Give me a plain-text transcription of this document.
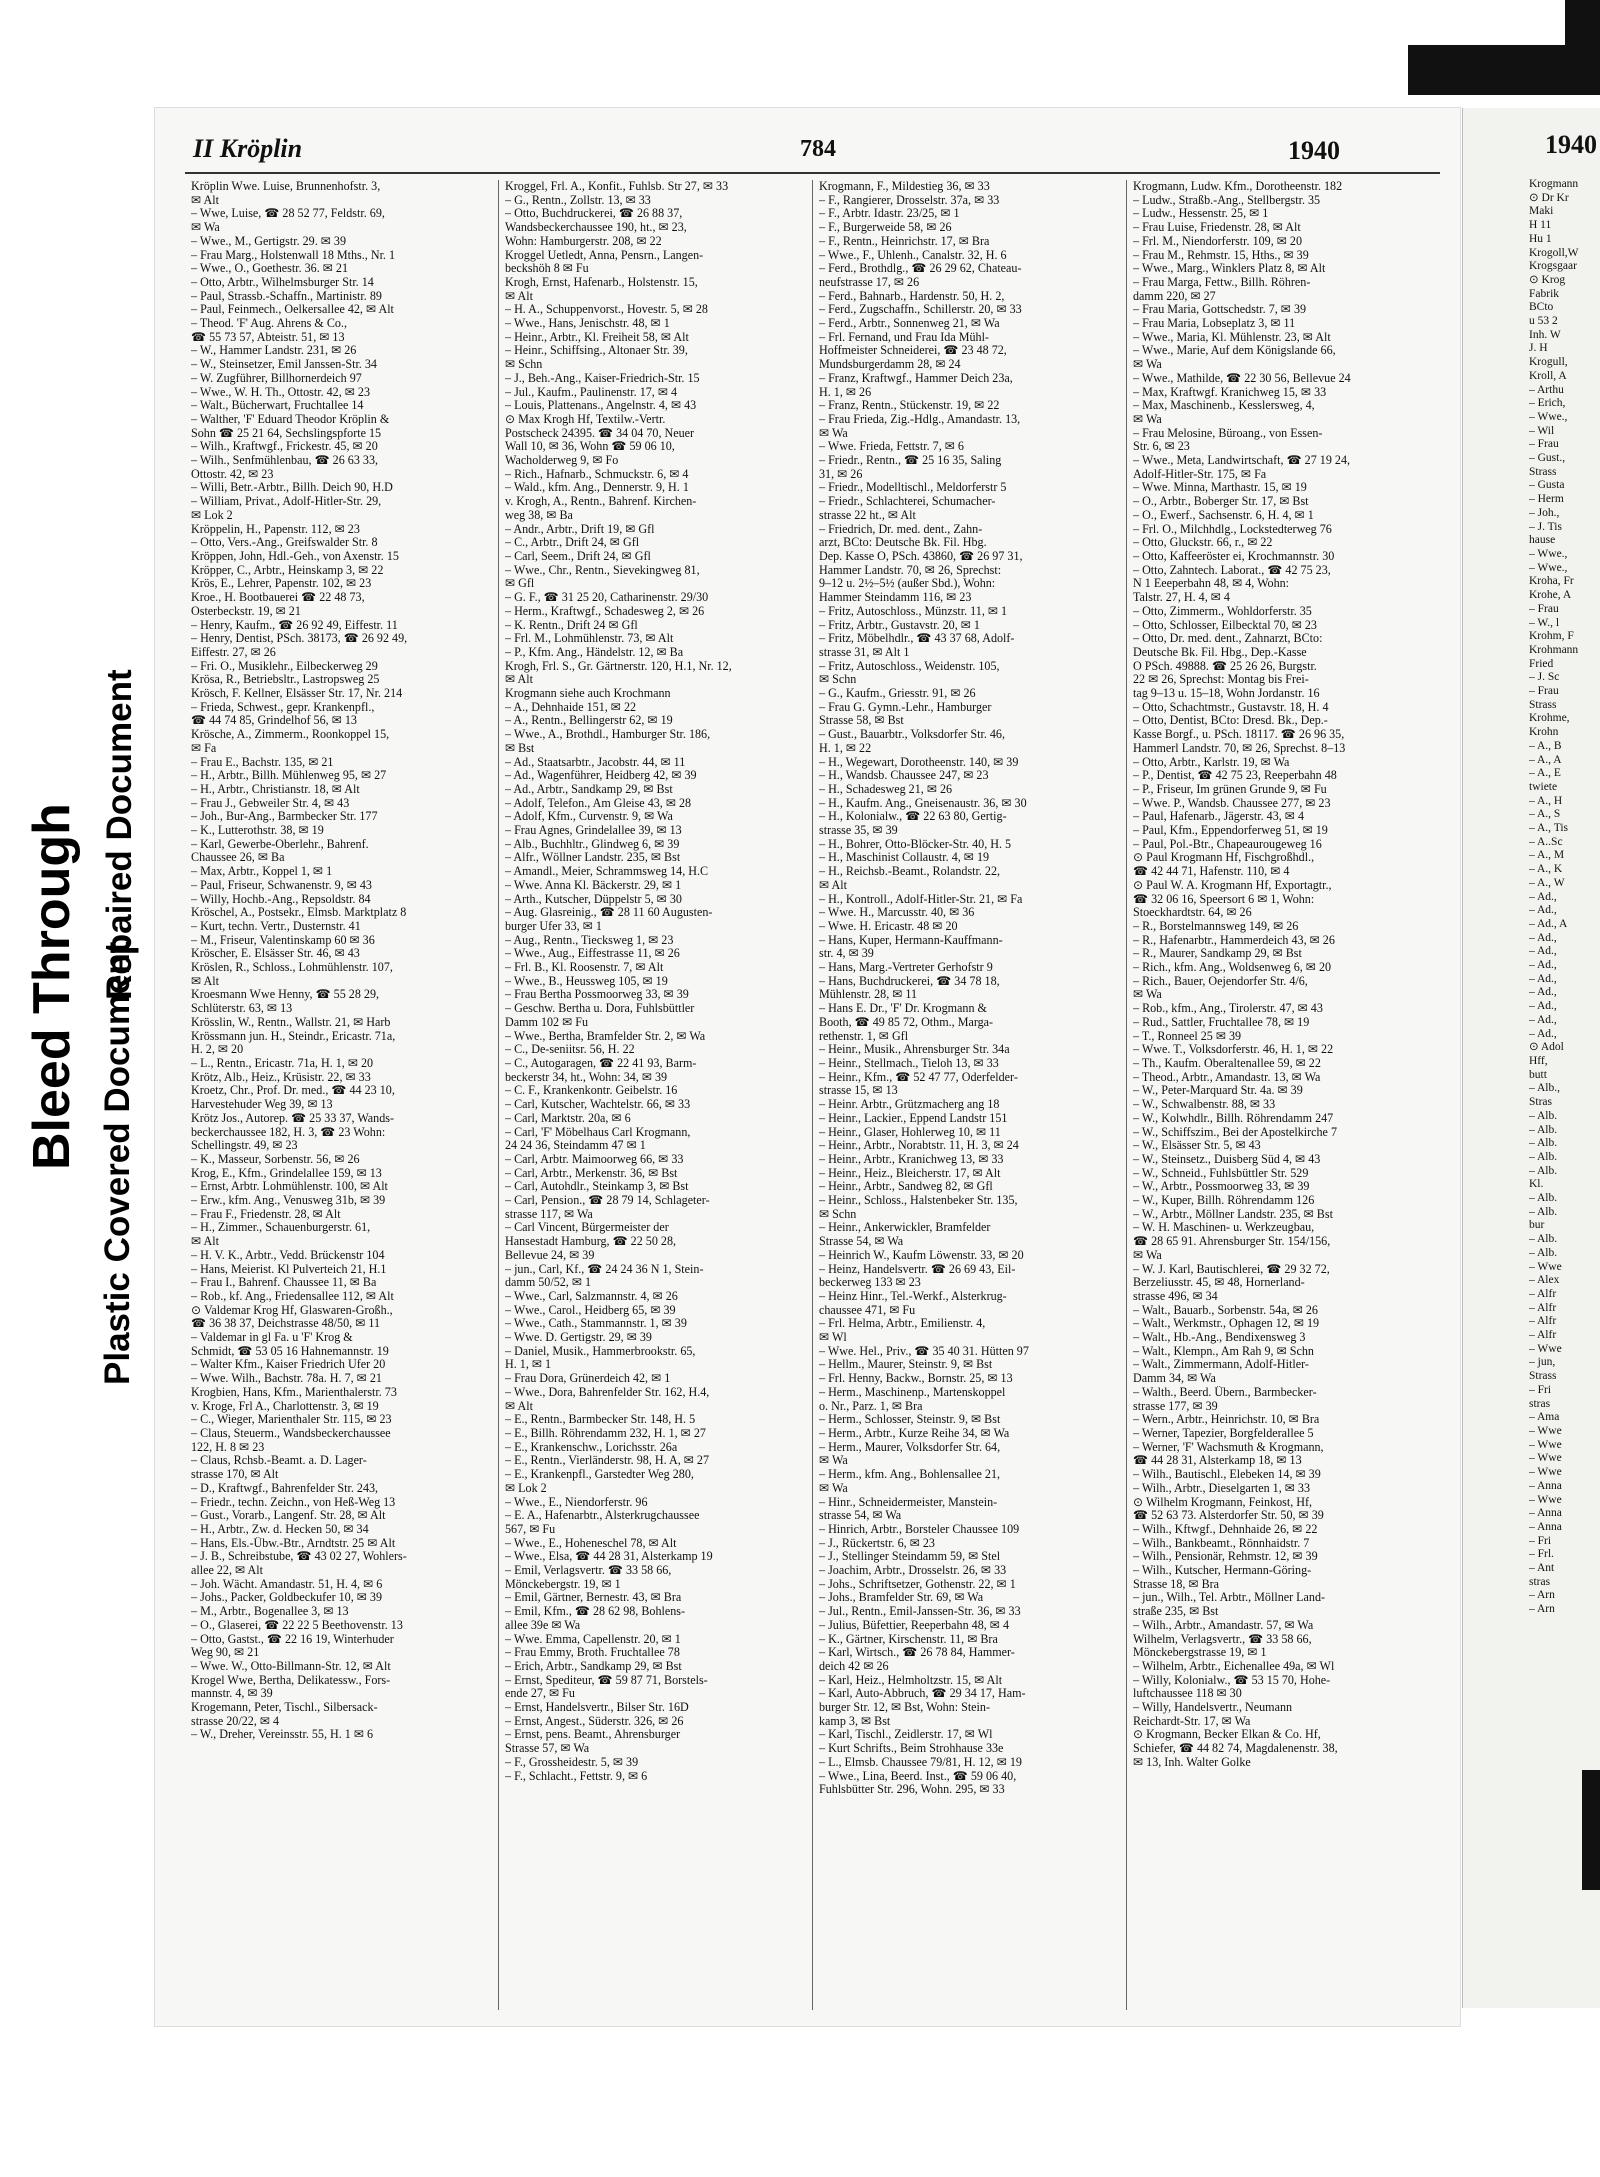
Bleed Through Repaired Document
Plastic Covered Document
II Kröplin	784	1940

Kröplin Wwe. Luise, Brunnenhofstr. 3,

✉ Alt

– Wwe, Luise, ☎ 28 52 77, Feldstr. 69,

✉ Wa

– Wwe., M., Gertigstr. 29. ✉ 39

– Frau Marg., Holstenwall 18 Mths., Nr. 1

– Wwe., O., Goethestr. 36. ✉ 21

– Otto, Arbtr., Wilhelmsburger Str. 14

– Paul, Strassb.-Schaffn., Martinistr. 89

– Paul, Feinmech., Oelkersallee 42, ✉ Alt

– Theod. 'F' Aug. Ahrens & Co.,

☎ 55 73 57, Abteistr. 51, ✉ 13

– W., Hammer Landstr. 231, ✉ 26

– W., Steinsetzer, Emil Janssen-Str. 34

– W. Zugführer, Billhornerdeich 97

– Wwe., W. H. Th., Ottostr. 42, ✉ 23

– Walt., Bücherwart, Fruchtallee 14

– Walther, 'F' Eduard Theodor Kröplin &

Sohn ☎ 25 21 64, Sechslingspforte 15

– Wilh., Kraftwgf., Frickestr. 45, ✉ 20

– Wilh., Senfmühlenbau, ☎ 26 63 33,

Ottostr. 42, ✉ 23

– Willi, Betr.-Arbtr., Billh. Deich 90, H.D

– William, Privat., Adolf-Hitler-Str. 29,

✉ Lok 2

Kröppelin, H., Papenstr. 112, ✉ 23

– Otto, Vers.-Ang., Greifswalder Str. 8

Kröppen, John, Hdl.-Geh., von Axenstr. 15

Kröpper, C., Arbtr., Heinskamp 3, ✉ 22

Krös, E., Lehrer, Papenstr. 102, ✉ 23

Kroe., H. Bootbauerei ☎ 22 48 73,

Osterbeckstr. 19, ✉ 21

– Henry, Kaufm., ☎ 26 92 49, Eiffestr. 11

– Henry, Dentist, PSch. 38173, ☎ 26 92 49,

Eiffestr. 27, ✉ 26

– Fri. O., Musiklehr., Eilbeckerweg 29

Krösa, R., Betriebsltr., Lastropsweg 25

Krösch, F. Kellner, Elsässer Str. 17, Nr. 214

– Frieda, Schwest., gepr. Krankenpfl.,

☎ 44 74 85, Grindelhof 56, ✉ 13

Krösche, A., Zimmerm., Roonkoppel 15,

✉ Fa

– Frau E., Bachstr. 135, ✉ 21

– H., Arbtr., Billh. Mühlenweg 95, ✉ 27

– H., Arbtr., Christianstr. 18, ✉ Alt

– Frau J., Gebweiler Str. 4, ✉ 43

– Joh., Bur-Ang., Barmbecker Str. 177

– K., Lutterothstr. 38, ✉ 19

– Karl, Gewerbe-Oberlehr., Bahrenf.

Chaussee 26, ✉ Ba

– Max, Arbtr., Koppel 1, ✉ 1

– Paul, Friseur, Schwanenstr. 9, ✉ 43

– Willy, Hochb.-Ang., Repsoldstr. 84

Kröschel, A., Postsekr., Elmsb. Marktplatz 8

– Kurt, techn. Vertr., Dusternstr. 41

– M., Friseur, Valentinskamp 60 ✉ 36

Kröscher, E. Elsässer Str. 46, ✉ 43

Kröslen, R., Schloss., Lohmühlenstr. 107,

✉ Alt

Kroesmann Wwe Henny, ☎ 55 28 29,

Schlüterstr. 63, ✉ 13

Krösslin, W., Rentn., Wallstr. 21, ✉ Harb

Krössmann jun. H., Steindr., Ericastr. 71a,

H. 2, ✉ 20

– L., Rentn., Ericastr. 71a, H. 1, ✉ 20

Krötz, Alb., Heiz., Krüsistr. 22, ✉ 33

Kroetz, Chr., Prof. Dr. med., ☎ 44 23 10,

Harvestehuder Weg 39, ✉ 13

Krötz Jos., Autorep. ☎ 25 33 37, Wands-

beckerchaussee 182, H. 3, ☎ 23 Wohn:

Schellingstr. 49, ✉ 23

– K., Masseur, Sorbenstr. 56, ✉ 26

Krog, E., Kfm., Grindelallee 159, ✉ 13

– Ernst, Arbtr. Lohmühlenstr. 100, ✉ Alt

– Erw., kfm. Ang., Venusweg 31b, ✉ 39

– Frau F., Friedenstr. 28, ✉ Alt

– H., Zimmer., Schauenburgerstr. 61,

✉ Alt

– H. V. K., Arbtr., Vedd. Brückenstr 104

– Hans, Meierist. Kl Pulverteich 21, H.1

– Frau I., Bahrenf. Chaussee 11, ✉ Ba

– Rob., kf. Ang., Friedensallee 112, ✉ Alt

⊙ Valdemar Krog Hf, Glaswaren-Großh.,

☎ 36 38 37, Deichstrasse 48/50, ✉ 11

– Valdemar in gl Fa. u 'F' Krog &

Schmidt, ☎ 53 05 16 Hahnemannstr. 19

– Walter Kfm., Kaiser Friedrich Ufer 20

– Wwe. Wilh., Bachstr. 78a. H. 7, ✉ 21

Krogbien, Hans, Kfm., Marienthalerstr. 73

v. Kroge, Frl A., Charlottenstr. 3, ✉ 19

– C., Wieger, Marienthaler Str. 115, ✉ 23

– Claus, Steuerm., Wandsbeckerchaussee

122, H. 8 ✉ 23

– Claus, Rchsb.-Beamt. a. D. Lager-

strasse 170, ✉ Alt

– D., Kraftwgf., Bahrenfelder Str. 243,

– Friedr., techn. Zeichn., von Heß-Weg 13

– Gust., Vorarb., Langenf. Str. 28, ✉ Alt

– H., Arbtr., Zw. d. Hecken 50, ✉ 34

– Hans, Els.-Übw.-Btr., Arndtstr. 25 ✉ Alt

– J. B., Schreibstube, ☎ 43 02 27, Wohlers-

allee 22, ✉ Alt

– Joh. Wächt. Amandastr. 51, H. 4, ✉ 6

– Johs., Packer, Goldbeckufer 10, ✉ 39

– M., Arbtr., Bogenallee 3, ✉ 13

– O., Glaserei, ☎ 22 22 5 Beethovenstr. 13

– Otto, Gastst., ☎ 22 16 19, Winterhuder

Weg 90, ✉ 21

– Wwe. W., Otto-Billmann-Str. 12, ✉ Alt

Krogel Wwe, Bertha, Delikatessw., Fors-

mannstr. 4, ✉ 39

Krogemann, Peter, Tischl., Silbersack-

strasse 20/22, ✉ 4

– W., Dreher, Vereinsstr. 55, H. 1 ✉ 6

Kroggel, Frl. A., Konfit., Fuhlsb. Str 27, ✉ 33

– G., Rentn., Zollstr. 13, ✉ 33

– Otto, Buchdruckerei, ☎ 26 88 37,

Wandsbeckerchaussee 190, ht., ✉ 23,

Wohn: Hamburgerstr. 208, ✉ 22

Kroggel Uetledt, Anna, Pensrn., Langen-

beckshöh 8 ✉ Fu

Krogh, Ernst, Hafenarb., Holstenstr. 15,

✉ Alt

– H. A., Schuppenvorst., Hovestr. 5, ✉ 28

– Wwe., Hans, Jenischstr. 48, ✉ 1

– Heinr., Arbtr., Kl. Freiheit 58, ✉ Alt

– Heinr., Schiffsing., Altonaer Str. 39,

✉ Schn

– J., Beh.-Ang., Kaiser-Friedrich-Str. 15

– Jul., Kaufm., Paulinenstr. 17, ✉ 4

– Louis, Plattenans., Angelnstr. 4, ✉ 43

⊙ Max Krogh Hf, Textilw.-Vertr.

Postscheck 24395. ☎ 34 04 70, Neuer

Wall 10, ✉ 36, Wohn ☎ 59 06 10,

Wacholderweg 9, ✉ Fo

– Rich., Hafnarb., Schmuckstr. 6, ✉ 4

– Wald., kfm. Ang., Dennerstr. 9, H. 1

v. Krogh, A., Rentn., Bahrenf. Kirchen-

weg 38, ✉ Ba

– Andr., Arbtr., Drift 19, ✉ Gfl

– C., Arbtr., Drift 24, ✉ Gfl

– Carl, Seem., Drift 24, ✉ Gfl

– Wwe., Chr., Rentn., Sievekingweg 81,

✉ Gfl

– G. F., ☎ 31 25 20, Catharinenstr. 29/30

– Herm., Kraftwgf., Schadesweg 2, ✉ 26

– K. Rentn., Drift 24 ✉ Gfl

– Frl. M., Lohmühlenstr. 73, ✉ Alt

– P., Kfm. Ang., Händelstr. 12, ✉ Ba

Krogh, Frl. S., Gr. Gärtnerstr. 120, H.1, Nr. 12,

✉ Alt

Krogmann siehe auch Krochmann

– A., Dehnhaide 151, ✉ 22

– A., Rentn., Bellingerstr 62, ✉ 19

– Wwe., A., Brothdl., Hamburger Str. 186,

✉ Bst

– Ad., Staatsarbtr., Jacobstr. 44, ✉ 11

– Ad., Wagenführer, Heidberg 42, ✉ 39

– Ad., Arbtr., Sandkamp 29, ✉ Bst

– Adolf, Telefon., Am Gleise 43, ✉ 28

– Adolf, Kfm., Curvenstr. 9, ✉ Wa

– Frau Agnes, Grindelallee 39, ✉ 13

– Alb., Buchhltr., Glindweg 6, ✉ 39

– Alfr., Wöllner Landstr. 235, ✉ Bst

– Amandl., Meier, Schrammsweg 14, H.C

– Wwe. Anna Kl. Bäckerstr. 29, ✉ 1

– Arth., Kutscher, Düppelstr 5, ✉ 30

– Aug. Glasreinig., ☎ 28 11 60 Augusten-

burger Ufer 33, ✉ 1

– Aug., Rentn., Tiecksweg 1, ✉ 23

– Wwe., Aug., Eiffestrasse 11, ✉ 26

– Frl. B., Kl. Roosenstr. 7, ✉ Alt

– Wwe., B., Heussweg 105, ✉ 19

– Frau Bertha Possmoorweg 33, ✉ 39

– Geschw. Bertha u. Dora, Fuhlsbüttler

Damm 102 ✉ Fu

– Wwe., Bertha, Bramfelder Str. 2, ✉ Wa

– C., De-seniitsr. 56, H. 22

– C., Autogaragen, ☎ 22 41 93, Barm-

beckerstr 34, ht., Wohn: 34, ✉ 39

– C. F., Krankenkontr. Geibelstr. 16

– Carl, Kutscher, Wachtelstr. 66, ✉ 33

– Carl, Marktstr. 20a, ✉ 6

– Carl, 'F' Möbelhaus Carl Krogmann,

24 24 36, Steindamm 47 ✉ 1

– Carl, Arbtr. Maimoorweg 66, ✉ 33

– Carl, Arbtr., Merkenstr. 36, ✉ Bst

– Carl, Autohdlr., Steinkamp 3, ✉ Bst

– Carl, Pension., ☎ 28 79 14, Schlageter-

strasse 117, ✉ Wa

– Carl Vincent, Bürgermeister der

Hansestadt Hamburg, ☎ 22 50 28,

Bellevue 24, ✉ 39

– jun., Carl, Kf., ☎ 24 24 36 N 1, Stein-

damm 50/52, ✉ 1

– Wwe., Carl, Salzmannstr. 4, ✉ 26

– Wwe., Carol., Heidberg 65, ✉ 39

– Wwe., Cath., Stammannstr. 1, ✉ 39

– Wwe. D. Gertigstr. 29, ✉ 39

– Daniel, Musik., Hammerbrookstr. 65,

H. 1, ✉ 1

– Frau Dora, Grünerdeich 42, ✉ 1

– Wwe., Dora, Bahrenfelder Str. 162, H.4,

✉ Alt

– E., Rentn., Barmbecker Str. 148, H. 5

– E., Billh. Röhrendamm 232, H. 1, ✉ 27

– E., Krankenschw., Lorichsstr. 26a

– E., Rentn., Vierländerstr. 98, H. A, ✉ 27

– E., Krankenpfl., Garstedter Weg 280,

✉ Lok 2

– Wwe., E., Niendorferstr. 96

– E. A., Hafenarbtr., Alsterkrugchaussee

567, ✉ Fu

– Wwe., E., Hoheneschel 78, ✉ Alt

– Wwe., Elsa, ☎ 44 28 31, Alsterkamp 19

– Emil, Verlagsvertr. ☎ 33 58 66,

Mönckebergstr. 19, ✉ 1

– Emil, Gärtner, Bernestr. 43, ✉ Bra

– Emil, Kfm., ☎ 28 62 98, Bohlens-

allee 39e ✉ Wa

– Wwe. Emma, Capellenstr. 20, ✉ 1

– Frau Emmy, Broth. Fruchtallee 78

– Erich, Arbtr., Sandkamp 29, ✉ Bst

– Ernst, Spediteur, ☎ 59 87 71, Borstels-

ende 27, ✉ Fu

– Ernst, Handelsvertr., Bilser Str. 16D

– Ernst, Angest., Süderstr. 326, ✉ 26

– Ernst, pens. Beamt., Ahrensburger

Strasse 57, ✉ Wa

– F., Grossheidestr. 5, ✉ 39

– F., Schlacht., Fettstr. 9, ✉ 6

Krogmann, F., Mildestieg 36, ✉ 33

– F., Rangierer, Drosselstr. 37a, ✉ 33

– F., Arbtr. Idastr. 23/25, ✉ 1

– F., Burgerweide 58, ✉ 26

– F., Rentn., Heinrichstr. 17, ✉ Bra

– Wwe., F., Uhlenh., Canalstr. 32, H. 6

– Ferd., Brothdlg., ☎ 26 29 62, Chateau-

neufstrasse 17, ✉ 26

– Ferd., Bahnarb., Hardenstr. 50, H. 2,

– Ferd., Zugschaffn., Schillerstr. 20, ✉ 33

– Ferd., Arbtr., Sonnenweg 21, ✉ Wa

– Frl. Fernand, und Frau Ida Mühl-

Hoffmeister Schneiderei, ☎ 23 48 72,

Mundsburgerdamm 28, ✉ 24

– Franz, Kraftwgf., Hammer Deich 23a,

H. 1, ✉ 26

– Franz, Rentn., Stückenstr. 19, ✉ 22

– Frau Frieda, Zig.-Hdlg., Amandastr. 13,

✉ Wa

– Wwe. Frieda, Fettstr. 7, ✉ 6

– Friedr., Rentn., ☎ 25 16 35, Saling

31, ✉ 26

– Friedr., Modelltischl., Meldorferstr 5

– Friedr., Schlachterei, Schumacher-

strasse 22 ht., ✉ Alt

– Friedrich, Dr. med. dent., Zahn-

arzt, BCto: Deutsche Bk. Fil. Hbg.

Dep. Kasse O, PSch. 43860, ☎ 26 97 31,

Hammer Landstr. 70, ✉ 26, Sprechst:

9–12 u. 2½–5½ (außer Sbd.), Wohn:

Hammer Steindamm 116, ✉ 23

– Fritz, Autoschloss., Münzstr. 11, ✉ 1

– Fritz, Arbtr., Gustavstr. 20, ✉ 1

– Fritz, Möbelhdlr., ☎ 43 37 68, Adolf-

strasse 31, ✉ Alt 1

– Fritz, Autoschloss., Weidenstr. 105,

✉ Schn

– G., Kaufm., Griesstr. 91, ✉ 26

– Frau G. Gymn.-Lehr., Hamburger

Strasse 58, ✉ Bst

– Gust., Bauarbtr., Volksdorfer Str. 46,

H. 1, ✉ 22

– H., Wegewart, Dorotheenstr. 140, ✉ 39

– H., Wandsb. Chaussee 247, ✉ 23

– H., Schadesweg 21, ✉ 26

– H., Kaufm. Ang., Gneisenaustr. 36, ✉ 30

– H., Kolonialw., ☎ 22 63 80, Gertig-

strasse 35, ✉ 39

– H., Bohrer, Otto-Blöcker-Str. 40, H. 5

– H., Maschinist Collaustr. 4, ✉ 19

– H., Reichsb.-Beamt., Rolandstr. 22,

✉ Alt

– H., Kontroll., Adolf-Hitler-Str. 21, ✉ Fa

– Wwe. H., Marcusstr. 40, ✉ 36

– Wwe. H. Ericastr. 48 ✉ 20

– Hans, Kuper, Hermann-Kauffmann-

str. 4, ✉ 39

– Hans, Marg.-Vertreter Gerhofstr 9

– Hans, Buchdruckerei, ☎ 34 78 18,

Mühlenstr. 28, ✉ 11

– Hans E. Dr., 'F' Dr. Krogmann &

Booth, ☎ 49 85 72, Othm., Marga-

rethenstr. 1, ✉ Gfl

– Heinr., Musik., Ahrensburger Str. 34a

– Heinr., Stellmach., Tieloh 13, ✉ 33

– Heinr., Kfm., ☎ 52 47 77, Oderfelder-

strasse 15, ✉ 13

– Heinr. Arbtr., Grützmacherg ang 18

– Heinr., Lackier., Eppend Landstr 151

– Heinr., Glaser, Hohlerweg 10, ✉ 11

– Heinr., Arbtr., Norabtstr. 11, H. 3, ✉ 24

– Heinr., Arbtr., Kranichweg 13, ✉ 33

– Heinr., Heiz., Bleicherstr. 17, ✉ Alt

– Heinr., Arbtr., Sandweg 82, ✉ Gfl

– Heinr., Schloss., Halstenbeker Str. 135,

✉ Schn

– Heinr., Ankerwickler, Bramfelder

Strasse 54, ✉ Wa

– Heinrich W., Kaufm Löwenstr. 33, ✉ 20

– Heinz, Handelsvertr. ☎ 26 69 43, Eil-

beckerweg 133 ✉ 23

– Heinz Hinr., Tel.-Werkf., Alsterkrug-

chaussee 471, ✉ Fu

– Frl. Helma, Arbtr., Emilienstr. 4,

✉ Wl

– Wwe. Hel., Priv., ☎ 35 40 31. Hütten 97

– Hellm., Maurer, Steinstr. 9, ✉ Bst

– Frl. Henny, Backw., Bornstr. 25, ✉ 13

– Herm., Maschinenp., Martenskoppel

o. Nr., Parz. 1, ✉ Bra

– Herm., Schlosser, Steinstr. 9, ✉ Bst

– Herm., Arbtr., Kurze Reihe 34, ✉ Wa

– Herm., Maurer, Volksdorfer Str. 64,

✉ Wa

– Herm., kfm. Ang., Bohlensallee 21,

✉ Wa

– Hinr., Schneidermeister, Manstein-

strasse 54, ✉ Wa

– Hinrich, Arbtr., Borsteler Chaussee 109

– J., Rückertstr. 6, ✉ 23

– J., Stellinger Steindamm 59, ✉ Stel

– Joachim, Arbtr., Drosselstr. 26, ✉ 33

– Johs., Schriftsetzer, Gothenstr. 22, ✉ 1

– Johs., Bramfelder Str. 69, ✉ Wa

– Jul., Rentn., Emil-Janssen-Str. 36, ✉ 33

– Julius, Büfettier, Reeperbahn 48, ✉ 4

– K., Gärtner, Kirschenstr. 11, ✉ Bra

– Karl, Wirtsch., ☎ 26 78 84, Hammer-

deich 42 ✉ 26

– Karl, Heiz., Helmholtzstr. 15, ✉ Alt

– Karl, Auto-Abbruch, ☎ 29 34 17, Ham-

burger Str. 12, ✉ Bst, Wohn: Stein-

kamp 3, ✉ Bst

– Karl, Tischl., Zeidlerstr. 17, ✉ Wl

– Kurt Schrifts., Beim Strohhause 33e

– L., Elmsb. Chaussee 79/81, H. 12, ✉ 19

– Wwe., Lina, Beerd. Inst., ☎ 59 06 40,

Fuhlsbütter Str. 296, Wohn. 295, ✉ 33

Krogmann, Ludw. Kfm., Dorotheenstr. 182

– Ludw., Straßb.-Ang., Stellbergstr. 35

– Ludw., Hessenstr. 25, ✉ 1

– Frau Luise, Friedenstr. 28, ✉ Alt

– Frl. M., Niendorferstr. 109, ✉ 20

– Frau M., Rehmstr. 15, Hths., ✉ 39

– Wwe., Marg., Winklers Platz 8, ✉ Alt

– Frau Marga, Fettw., Billh. Röhren-

damm 220, ✉ 27

– Frau Maria, Gottschedstr. 7, ✉ 39

– Frau Maria, Lobseplatz 3, ✉ 11

– Wwe., Maria, Kl. Mühlenstr. 23, ✉ Alt

– Wwe., Marie, Auf dem Königslande 66,

✉ Wa

– Wwe., Mathilde, ☎ 22 30 56, Bellevue 24

– Max, Kraftwgf. Kranichweg 15, ✉ 33

– Max, Maschinenb., Kesslersweg, 4,

✉ Wa

– Frau Melosine, Büroang., von Essen-

Str. 6, ✉ 23

– Wwe., Meta, Landwirtschaft, ☎ 27 19 24,

Adolf-Hitler-Str. 175, ✉ Fa

– Wwe. Minna, Marthastr. 15, ✉ 19

– O., Arbtr., Boberger Str. 17, ✉ Bst

– O., Ewerf., Sachsenstr. 6, H. 4, ✉ 1

– Frl. O., Milchhdlg., Lockstedterweg 76

– Otto, Gluckstr. 66, r., ✉ 22

– Otto, Kaffeeröster ei, Krochmannstr. 30

– Otto, Zahntech. Laborat., ☎ 42 75 23,

N 1 Eeeperbahn 48, ✉ 4, Wohn:

Talstr. 27, H. 4, ✉ 4

– Otto, Zimmerm., Wohldorferstr. 35

– Otto, Schlosser, Eilbecktal 70, ✉ 23

– Otto, Dr. med. dent., Zahnarzt, BCto:

Deutsche Bk. Fil. Hbg., Dep.-Kasse

O PSch. 49888. ☎ 25 26 26, Burgstr.

22 ✉ 26, Sprechst: Montag bis Frei-

tag 9–13 u. 15–18, Wohn Jordanstr. 16

– Otto, Schachtmstr., Gustavstr. 18, H. 4

– Otto, Dentist, BCto: Dresd. Bk., Dep.-

Kasse Borgf., u. PSch. 18117. ☎ 26 96 35,

Hammerl Landstr. 70, ✉ 26, Sprechst. 8–13

– Otto, Arbtr., Karlstr. 19, ✉ Wa

– P., Dentist, ☎ 42 75 23, Reeperbahn 48

– P., Friseur, Im grünen Grunde 9, ✉ Fu

– Wwe. P., Wandsb. Chaussee 277, ✉ 23

– Paul, Hafenarb., Jägerstr. 43, ✉ 4

– Paul, Kfm., Eppendorferweg 51, ✉ 19

– Paul, Pol.-Btr., Chapeaurougeweg 16

⊙ Paul Krogmann Hf, Fischgroßhdl.,

☎ 42 44 71, Hafenstr. 110, ✉ 4

⊙ Paul W. A. Krogmann Hf, Exportagtr.,

☎ 32 06 16, Speersort 6 ✉ 1, Wohn:

Stoeckhardtstr. 64, ✉ 26

– R., Borstelmannsweg 149, ✉ 26

– R., Hafenarbtr., Hammerdeich 43, ✉ 26

– R., Maurer, Sandkamp 29, ✉ Bst

– Rich., kfm. Ang., Woldsenweg 6, ✉ 20

– Rich., Bauer, Oejendorfer Str. 4/6,

✉ Wa

– Rob., kfm., Ang., Tirolerstr. 47, ✉ 43

– Rud., Sattler, Fruchtallee 78, ✉ 19

– T., Ronneel 25 ✉ 39

– Wwe. T., Volksdorferstr. 46, H. 1, ✉ 22

– Th., Kaufm. Oberaltenallee 59, ✉ 22

– Theod., Arbtr., Amandastr. 13, ✉ Wa

– W., Peter-Marquard Str. 4a. ✉ 39

– W., Schwalbenstr. 88, ✉ 33

– W., Kolwhdlr., Billh. Röhrendamm 247

– W., Schiffszim., Bei der Apostelkirche 7

– W., Elsässer Str. 5, ✉ 43

– W., Steinsetz., Duisberg Süd 4, ✉ 43

– W., Schneid., Fuhlsbüttler Str. 529

– W., Arbtr., Possmoorweg 33, ✉ 39

– W., Kuper, Billh. Röhrendamm 126

– W., Arbtr., Möllner Landstr. 235, ✉ Bst

– W. H. Maschinen- u. Werkzeugbau,

☎ 28 65 91. Ahrensburger Str. 154/156,

✉ Wa

– W. J. Karl, Bautischlerei, ☎ 29 32 72,

Berzeliusstr. 45, ✉ 48, Hornerland-

strasse 496, ✉ 34

– Walt., Bauarb., Sorbenstr. 54a, ✉ 26

– Walt., Werkmstr., Ophagen 12, ✉ 19

– Walt., Hb.-Ang., Bendixensweg 3

– Walt., Klempn., Am Rah 9, ✉ Schn

– Walt., Zimmermann, Adolf-Hitler-

Damm 34, ✉ Wa

– Walth., Beerd. Übern., Barmbecker-

strasse 177, ✉ 39

– Wern., Arbtr., Heinrichstr. 10, ✉ Bra

– Werner, Tapezier, Borgfelderallee 5

– Werner, 'F' Wachsmuth & Krogmann,

☎ 44 28 31, Alsterkamp 18, ✉ 13

– Wilh., Bautischl., Elebeken 14, ✉ 39

– Wilh., Arbtr., Dieselgarten 1, ✉ 33

⊙ Wilhelm Krogmann, Feinkost, Hf,

☎ 52 63 73. Alsterdorfer Str. 50, ✉ 39

– Wilh., Kftwgf., Dehnhaide 26, ✉ 22

– Wilh., Bankbeamt., Rönnhaidstr. 7

– Wilh., Pensionär, Rehmstr. 12, ✉ 39

– Wilh., Kutscher, Hermann-Göring-

Strasse 18, ✉ Bra

– jun., Wilh., Tel. Arbtr., Möllner Land-

straße 235, ✉ Bst

– Wilh., Arbtr., Amandastr. 57, ✉ Wa

Wilhelm, Verlagsvertr., ☎ 33 58 66,

Mönckebergstrasse 19, ✉ 1

– Wilhelm, Arbtr., Eichenallee 49a, ✉ Wl

– Willy, Kolonialw., ☎ 53 15 70, Hohe-

luftchaussee 118 ✉ 30

– Willy, Handelsvertr., Neumann

Reichardt-Str. 17, ✉ Wa

⊙ Krogmann, Becker Elkan & Co. Hf,

Schiefer, ☎ 44 82 74, Magdalenenstr. 38,

✉ 13, Inh. Walter Golke

1940

Krogmann

⊙ Dr Kr

Maki

H 11

Hu 1

Krogoll,W

Krogsgaar

⊙ Krog

Fabrik

BCto

u 53 2

Inh. W

J. H

Krogull,

Kroll, A

– Arthu

– Erich,

– Wwe.,

– Wil

– Frau

– Gust.,

Strass

– Gusta

– Herm

– Joh.,

– J. Tis

hause

– Wwe.,

– Wwe.,

Kroha, Fr

Krohe, A

– Frau

– W., l

Krohm, F

Krohmann

Fried

– J. Sc

– Frau

Strass

Krohme,

Krohn

– A., B

– A., A

– A., E

twiete

– A., H

– A., S

– A., Tis

– A..Sc

– A., M

– A., K

– A., W

– Ad.,

– Ad.,

– Ad., A

– Ad.,

– Ad.,

– Ad.,

– Ad.,

– Ad.,

– Ad.,

– Ad.,

– Ad.,

⊙ Adol

Hff,

butt

– Alb.,

Stras

– Alb.

– Alb.

– Alb.

– Alb.

– Alb.

Kl.

– Alb.

– Alb.

bur

– Alb.

– Alb.

– Wwe

– Alex

– Alfr

– Alfr

– Alfr

– Alfr

– Wwe

– jun,

Strass

– Fri

stras

– Ama

– Wwe

– Wwe

– Wwe

– Wwe

– Anna

– Wwe

– Anna

– Anna

– Fri

– Frl.

– Ant

stras

– Arn

– Arn
